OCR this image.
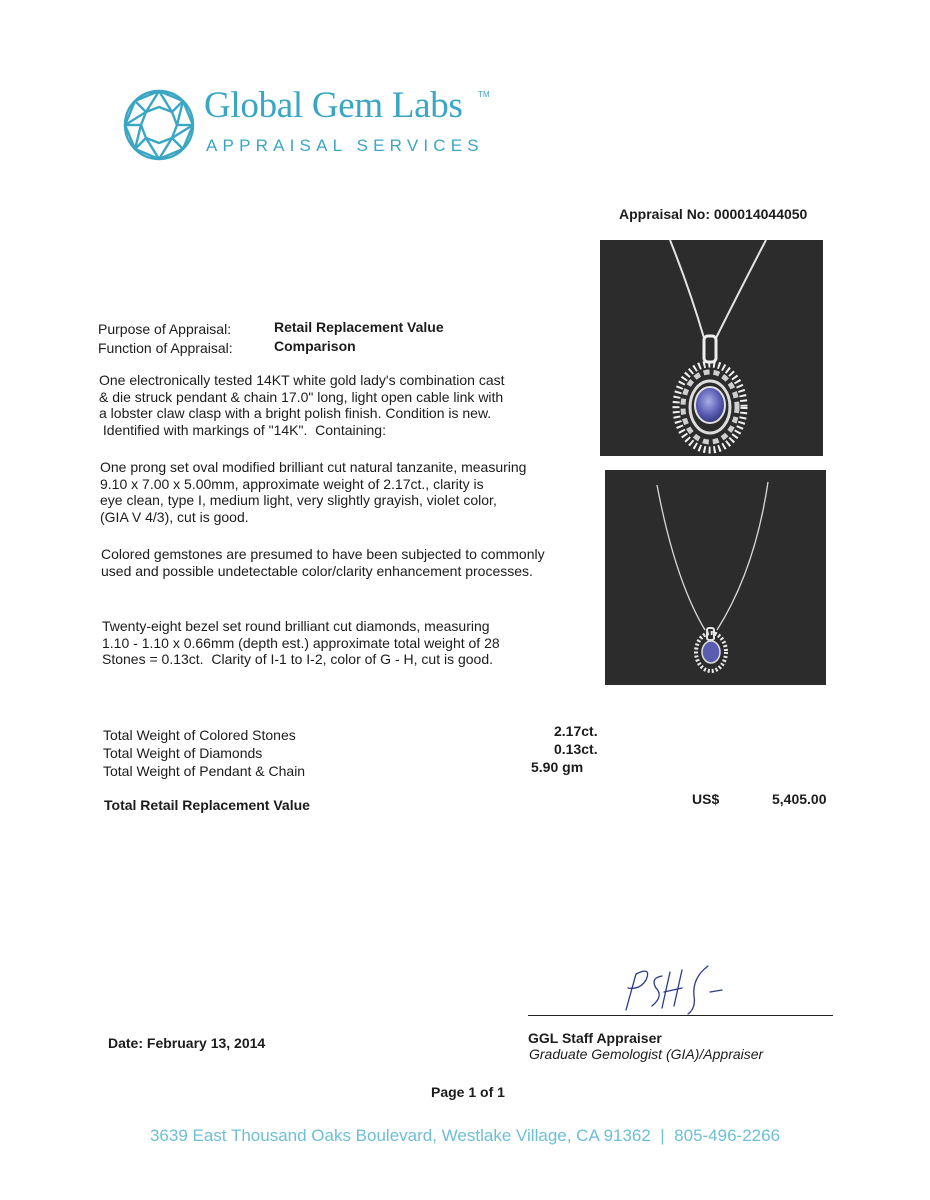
Global Gem Labs TM
APPRAISAL SERVICES
Appraisal No: 000014044050
Purpose of Appraisal:	Retail Replacement Value
Function of Appraisal:	Comparison
One electronically tested 14KT white gold lady's combination cast
& die struck pendant & chain 17.0" long, light open cable link with
a lobster claw clasp with a bright polish finish. Condition is new.
Identified with markings of "14K".  Containing:
One prong set oval modified brilliant cut natural tanzanite, measuring
9.10 x 7.00 x 5.00mm, approximate weight of 2.17ct., clarity is
eye clean, type I, medium light, very slightly grayish, violet color,
(GIA V 4/3), cut is good.
Colored gemstones are presumed to have been subjected to commonly
used and possible undetectable color/clarity enhancement processes.
Twenty-eight bezel set round brilliant cut diamonds, measuring
1.10 - 1.10 x 0.66mm (depth est.) approximate total weight of 28
Stones = 0.13ct.  Clarity of I-1 to I-2, color of G - H, cut is good.
Total Weight of Colored Stones	2.17ct.
Total Weight of Diamonds	0.13ct.
Total Weight of Pendant & Chain	5.90 gm
Total Retail Replacement Value	US$	5,405.00
Date: February 13, 2014	GGL Staff Appraiser
Graduate Gemologist (GIA)/Appraiser
Page 1 of 1
3639 East Thousand Oaks Boulevard, Westlake Village, CA 91362  |  805-496-2266
